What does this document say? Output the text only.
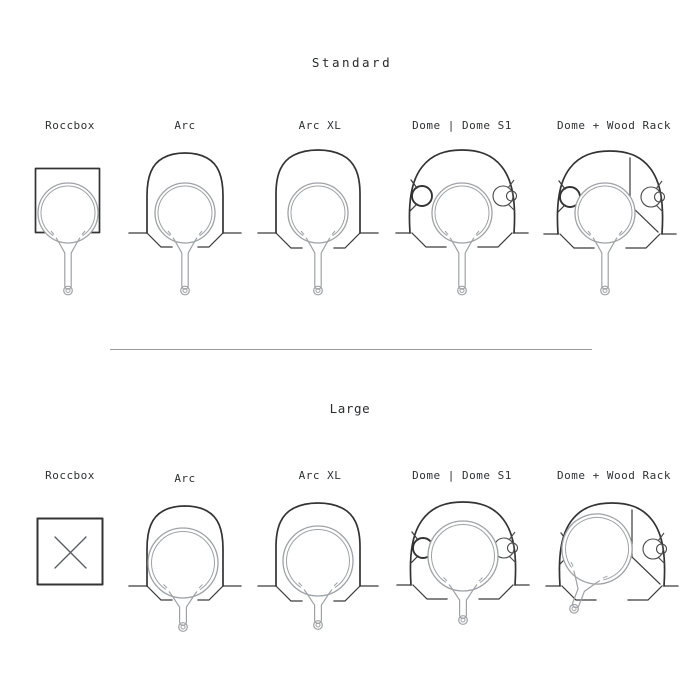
Standard
Large
Roccbox	Arc	Arc XL	Dome | Dome S1	Dome + Wood Rack
Roccbox	Arc	Arc XL	Dome | Dome S1	Dome + Wood Rack
